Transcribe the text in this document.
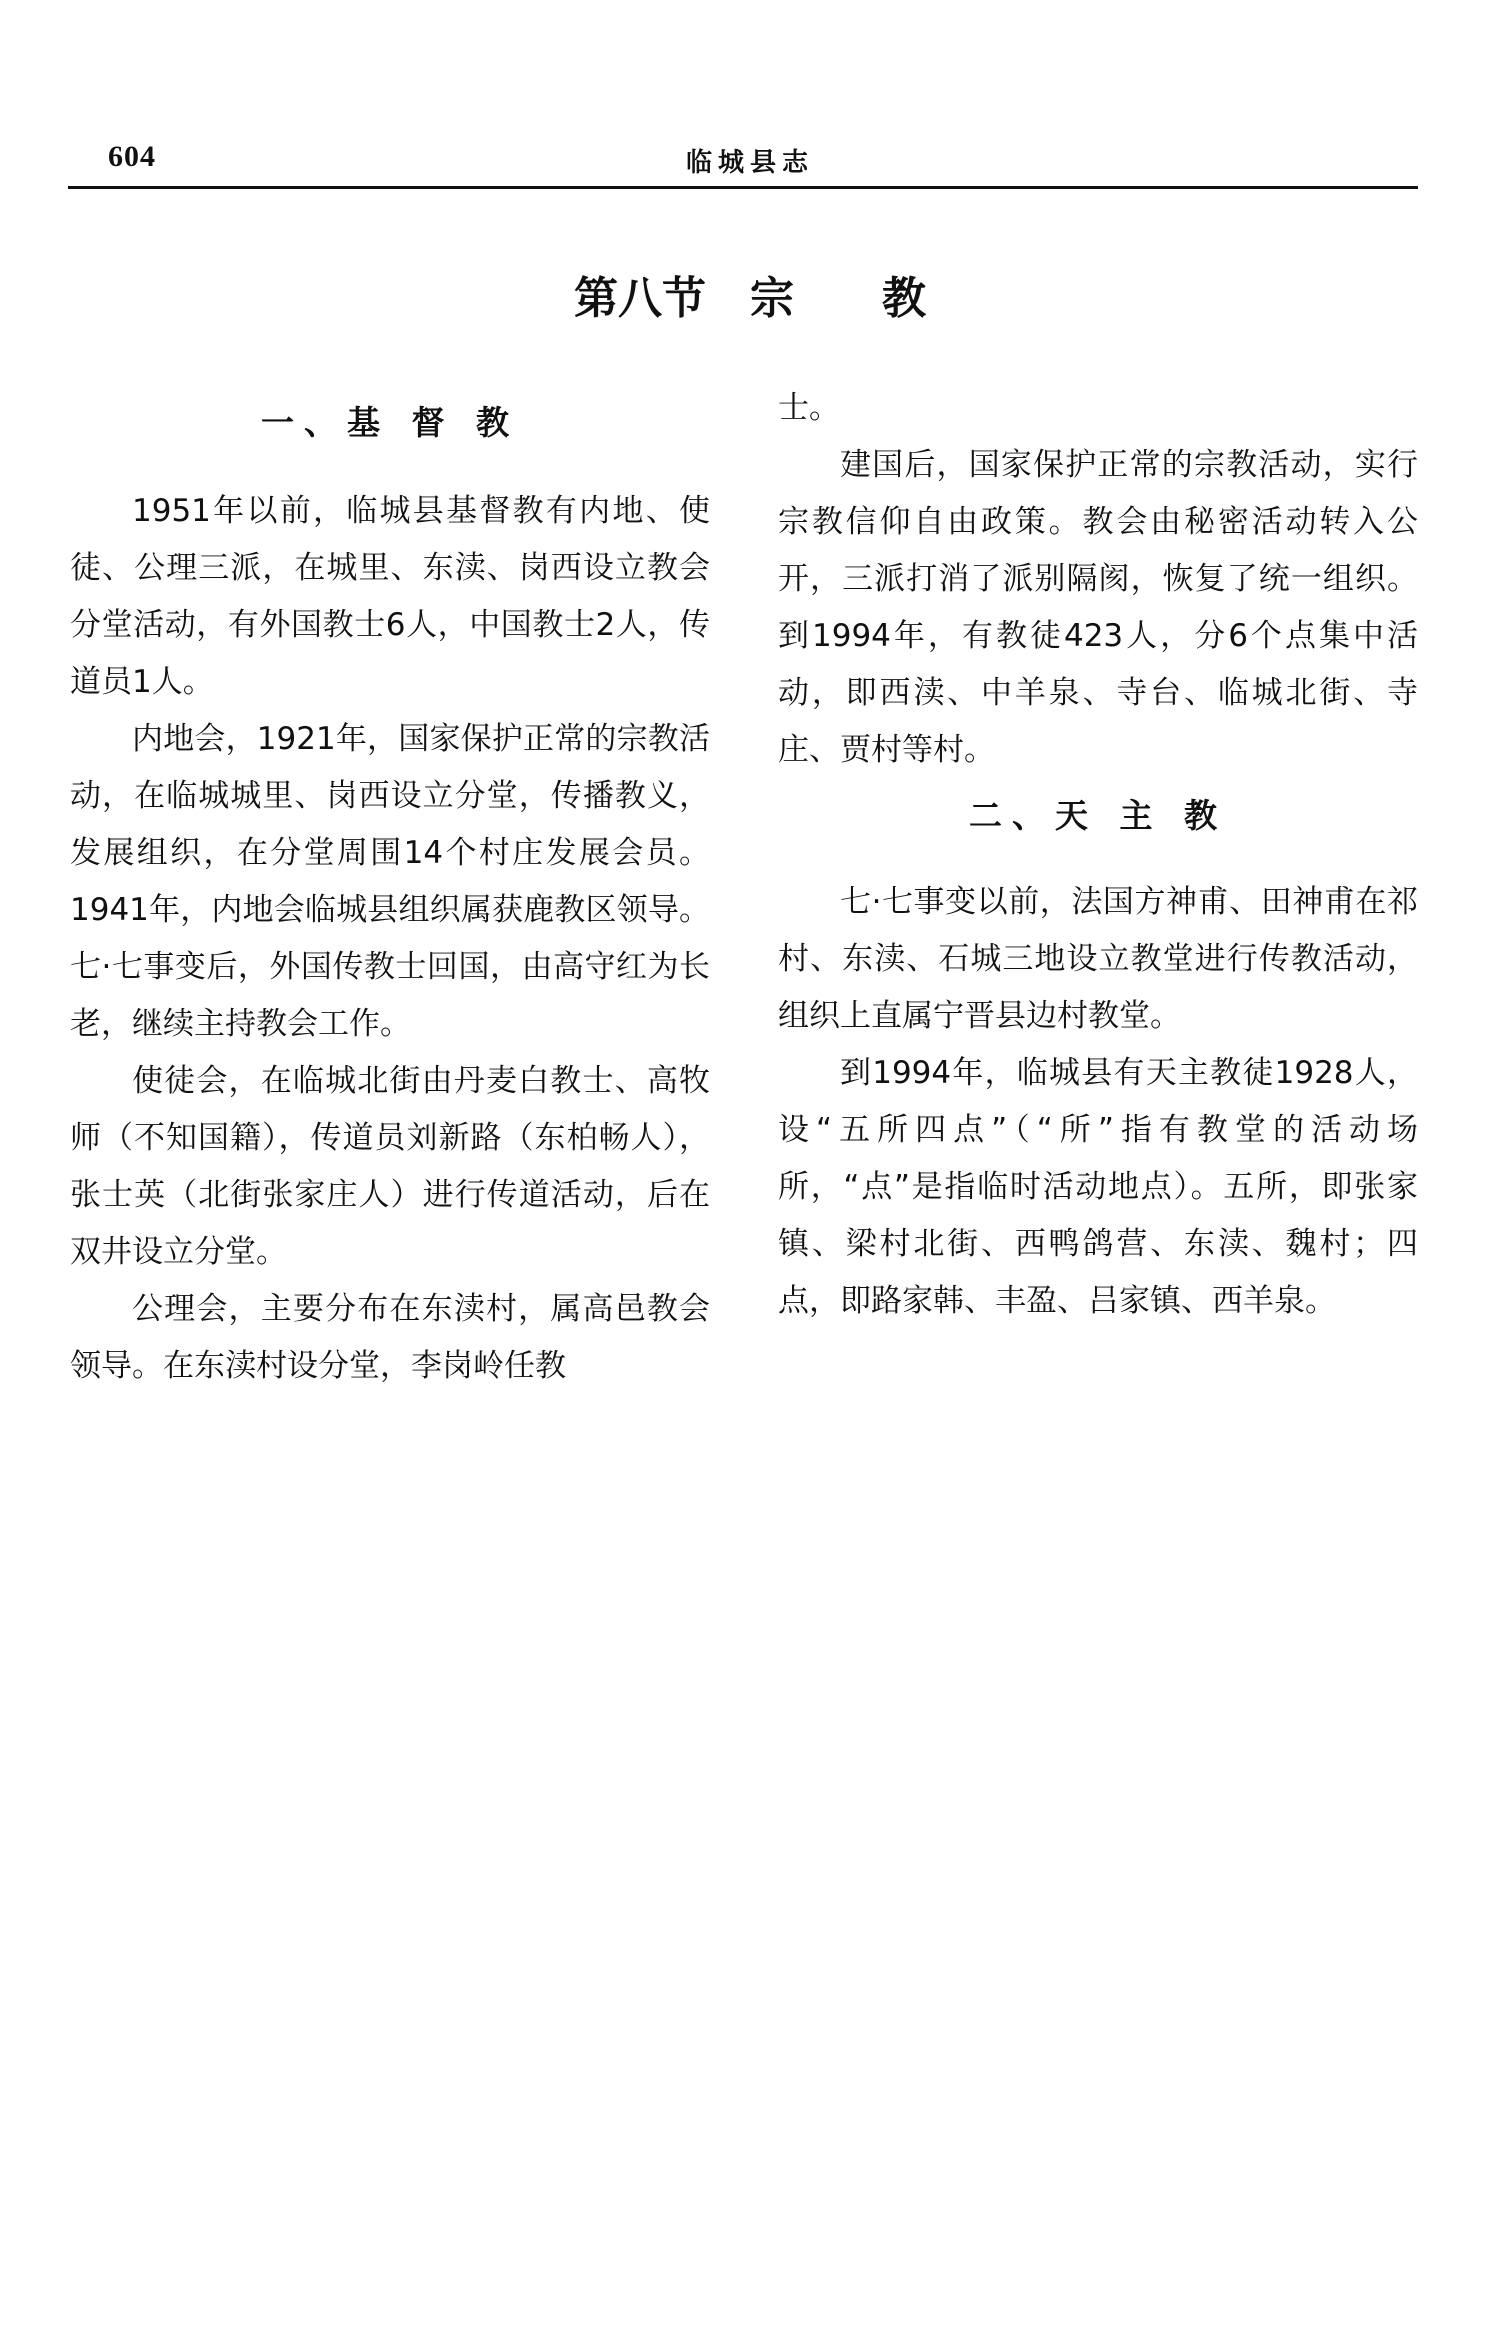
604	临城县志
第八节　宗　　教
一、基 督 教

1951年以前，临城县基督教有内地、使徒、公理三派，在城里、东渎、岗西设立教会分堂活动，有外国教士6人，中国教士2人，传道员1人。

内地会，1921年，国家保护正常的宗教活动，在临城城里、岗西设立分堂，传播教义，发展组织，在分堂周围14个村庄发展会员。1941年，内地会临城县组织属获鹿教区领导。七·七事变后，外国传教士回国，由高守红为长老，继续主持教会工作。

使徒会，在临城北街由丹麦白教士、高牧师（不知国籍），传道员刘新路（东柏畅人），张士英（北街张家庄人）进行传道活动，后在双井设立分堂。

公理会，主要分布在东渎村，属高邑教会领导。在东渎村设分堂，李岗岭任教

士。

建国后，国家保护正常的宗教活动，实行宗教信仰自由政策。教会由秘密活动转入公开，三派打消了派别隔阂，恢复了统一组织。到1994年，有教徒423人，分6个点集中活动，即西渎、中羊泉、寺台、临城北街、寺庄、贾村等村。

二、天 主 教

七·七事变以前，法国方神甫、田神甫在祁村、东渎、石城三地设立教堂进行传教活动，组织上直属宁晋县边村教堂。

到1994年，临城县有天主教徒1928人，设“五所四点”（“所”指有教堂的活动场所，“点”是指临时活动地点）。五所，即张家镇、梁村北街、西鸭鸽营、东渎、魏村；四点，即路家韩、丰盈、吕家镇、西羊泉。
